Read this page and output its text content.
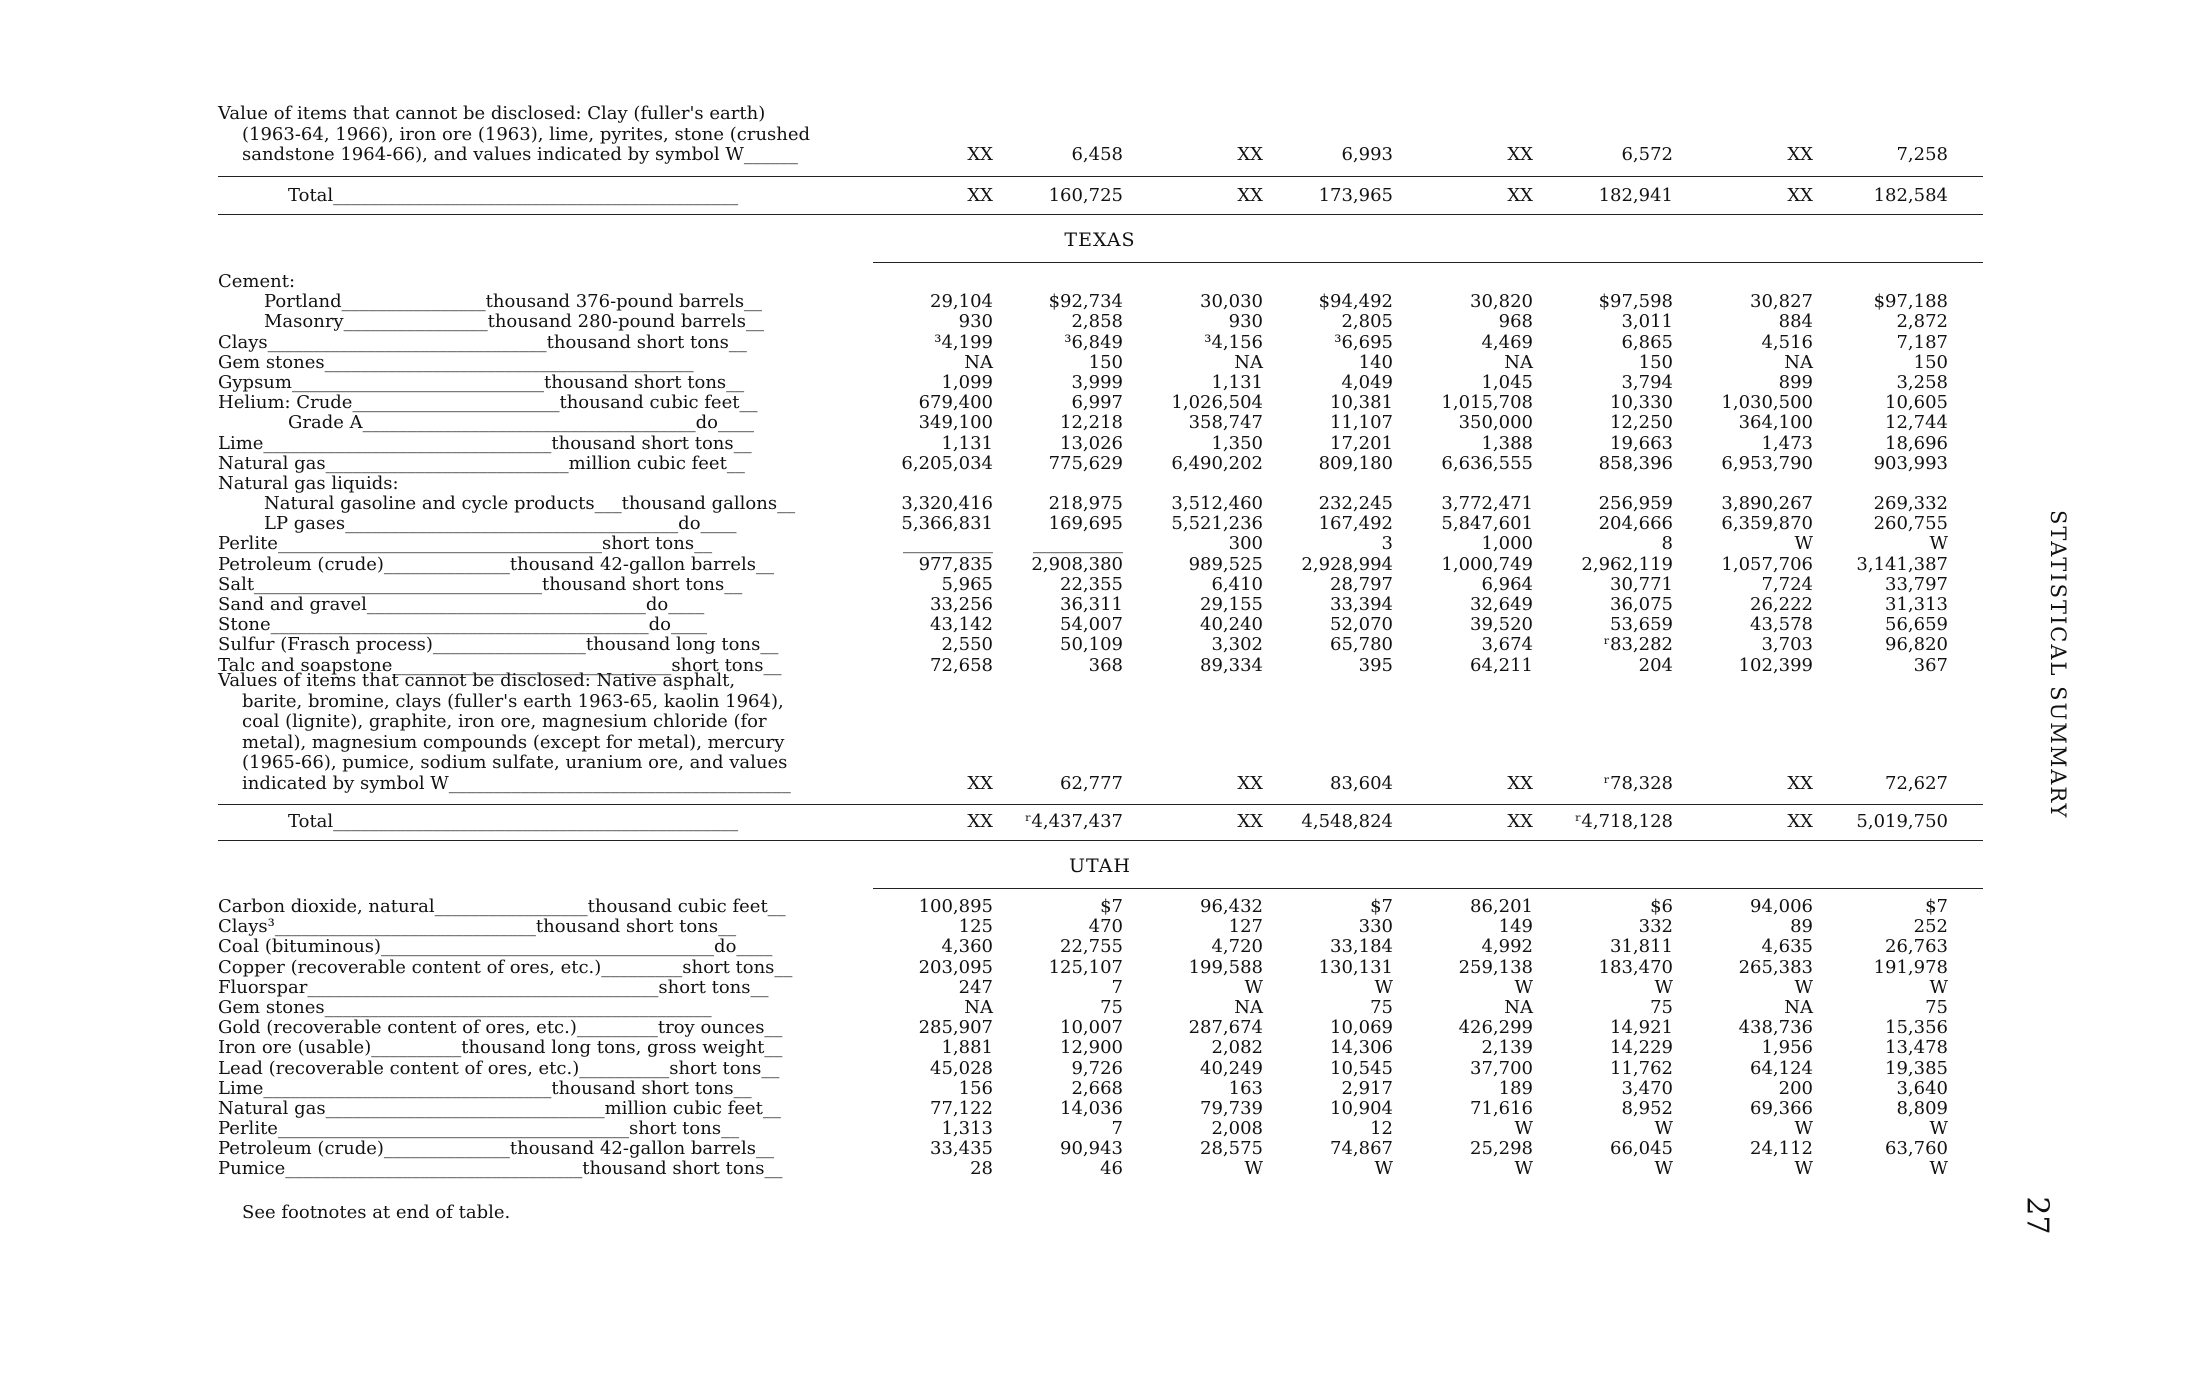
Value of items that cannot be disclosed: Clay (fuller's earth)
(1963-64, 1966), iron ore (1963), lime, pyrites, stone (crushed
sandstone 1964-66), and values indicated by symbol W______	XX	6,458	XX	6,993	XX	6,572	XX	7,258
Total_____________________________________________	XX	160,725	XX	173,965	XX	182,941	XX	182,584
TEXAS
Cement:
Portland________________thousand 376-pound barrels__	29,104	$92,734	30,030	$94,492	30,820	$97,598	30,827	$97,188
Masonry________________thousand 280-pound barrels__	930	2,858	930	2,805	968	3,011	884	2,872
Clays_______________________________thousand short tons__	³4,199	³6,849	³4,156	³6,695	4,469	6,865	4,516	7,187
Gem stones_________________________________________	NA	150	NA	140	NA	150	NA	150
Gypsum____________________________thousand short tons__	1,099	3,999	1,131	4,049	1,045	3,794	899	3,258
Helium: Crude_______________________thousand cubic feet__	679,400	6,997	1,026,504	10,381	1,015,708	10,330	1,030,500	10,605
Grade A_____________________________________do____	349,100	12,218	358,747	11,107	350,000	12,250	364,100	12,744
Lime________________________________thousand short tons__	1,131	13,026	1,350	17,201	1,388	19,663	1,473	18,696
Natural gas___________________________million cubic feet__	6,205,034	775,629	6,490,202	809,180	6,636,555	858,396	6,953,790	903,993
Natural gas liquids:
Natural gasoline and cycle products___thousand gallons__	3,320,416	218,975	3,512,460	232,245	3,772,471	256,959	3,890,267	269,332
LP gases_____________________________________do____	5,366,831	169,695	5,521,236	167,492	5,847,601	204,666	6,359,870	260,755
Perlite____________________________________short tons__	__________	__________	300	3	1,000	8	W	W
Petroleum (crude)______________thousand 42-gallon barrels__	977,835	2,908,380	989,525	2,928,994	1,000,749	2,962,119	1,057,706	3,141,387
Salt________________________________thousand short tons__	5,965	22,355	6,410	28,797	6,964	30,771	7,724	33,797
Sand and gravel_______________________________do____	33,256	36,311	29,155	33,394	32,649	36,075	26,222	31,313
Stone__________________________________________do____	43,142	54,007	40,240	52,070	39,520	53,659	43,578	56,659
Sulfur (Frasch process)_________________thousand long tons__	2,550	50,109	3,302	65,780	3,674	ʳ83,282	3,703	96,820
Talc and soapstone_______________________________short tons__	72,658	368	89,334	395	64,211	204	102,399	367
Values of items that cannot be disclosed: Native asphalt,
barite, bromine, clays (fuller's earth 1963-65, kaolin 1964),
coal (lignite), graphite, iron ore, magnesium chloride (for
metal), magnesium compounds (except for metal), mercury
(1965-66), pumice, sodium sulfate, uranium ore, and values
indicated by symbol W______________________________________	XX	62,777	XX	83,604	XX	ʳ78,328	XX	72,627
Total_____________________________________________	XX	ʳ4,437,437	XX	4,548,824	XX	ʳ4,718,128	XX	5,019,750
UTAH
Carbon dioxide, natural_________________thousand cubic feet__	100,895	$7	96,432	$7	86,201	$6	94,006	$7
Clays³_____________________________thousand short tons__	125	470	127	330	149	332	89	252
Coal (bituminous)_____________________________________do____	4,360	22,755	4,720	33,184	4,992	31,811	4,635	26,763
Copper (recoverable content of ores, etc.)_________short tons__	203,095	125,107	199,588	130,131	259,138	183,470	265,383	191,978
Fluorspar_______________________________________short tons__	247	7	W	W	W	W	W	W
Gem stones___________________________________________	NA	75	NA	75	NA	75	NA	75
Gold (recoverable content of ores, etc.)_________troy ounces__	285,907	10,007	287,674	10,069	426,299	14,921	438,736	15,356
Iron ore (usable)__________thousand long tons, gross weight__	1,881	12,900	2,082	14,306	2,139	14,229	1,956	13,478
Lead (recoverable content of ores, etc.)__________short tons__	45,028	9,726	40,249	10,545	37,700	11,762	64,124	19,385
Lime________________________________thousand short tons__	156	2,668	163	2,917	189	3,470	200	3,640
Natural gas_______________________________million cubic feet__	77,122	14,036	79,739	10,904	71,616	8,952	69,366	8,809
Perlite_______________________________________short tons__	1,313	7	2,008	12	W	W	W	W
Petroleum (crude)______________thousand 42-gallon barrels__	33,435	90,943	28,575	74,867	25,298	66,045	24,112	63,760
Pumice_________________________________thousand short tons__	28	46	W	W	W	W	W	W
See footnotes at end of table.
STATISTICAL SUMMARY
27
